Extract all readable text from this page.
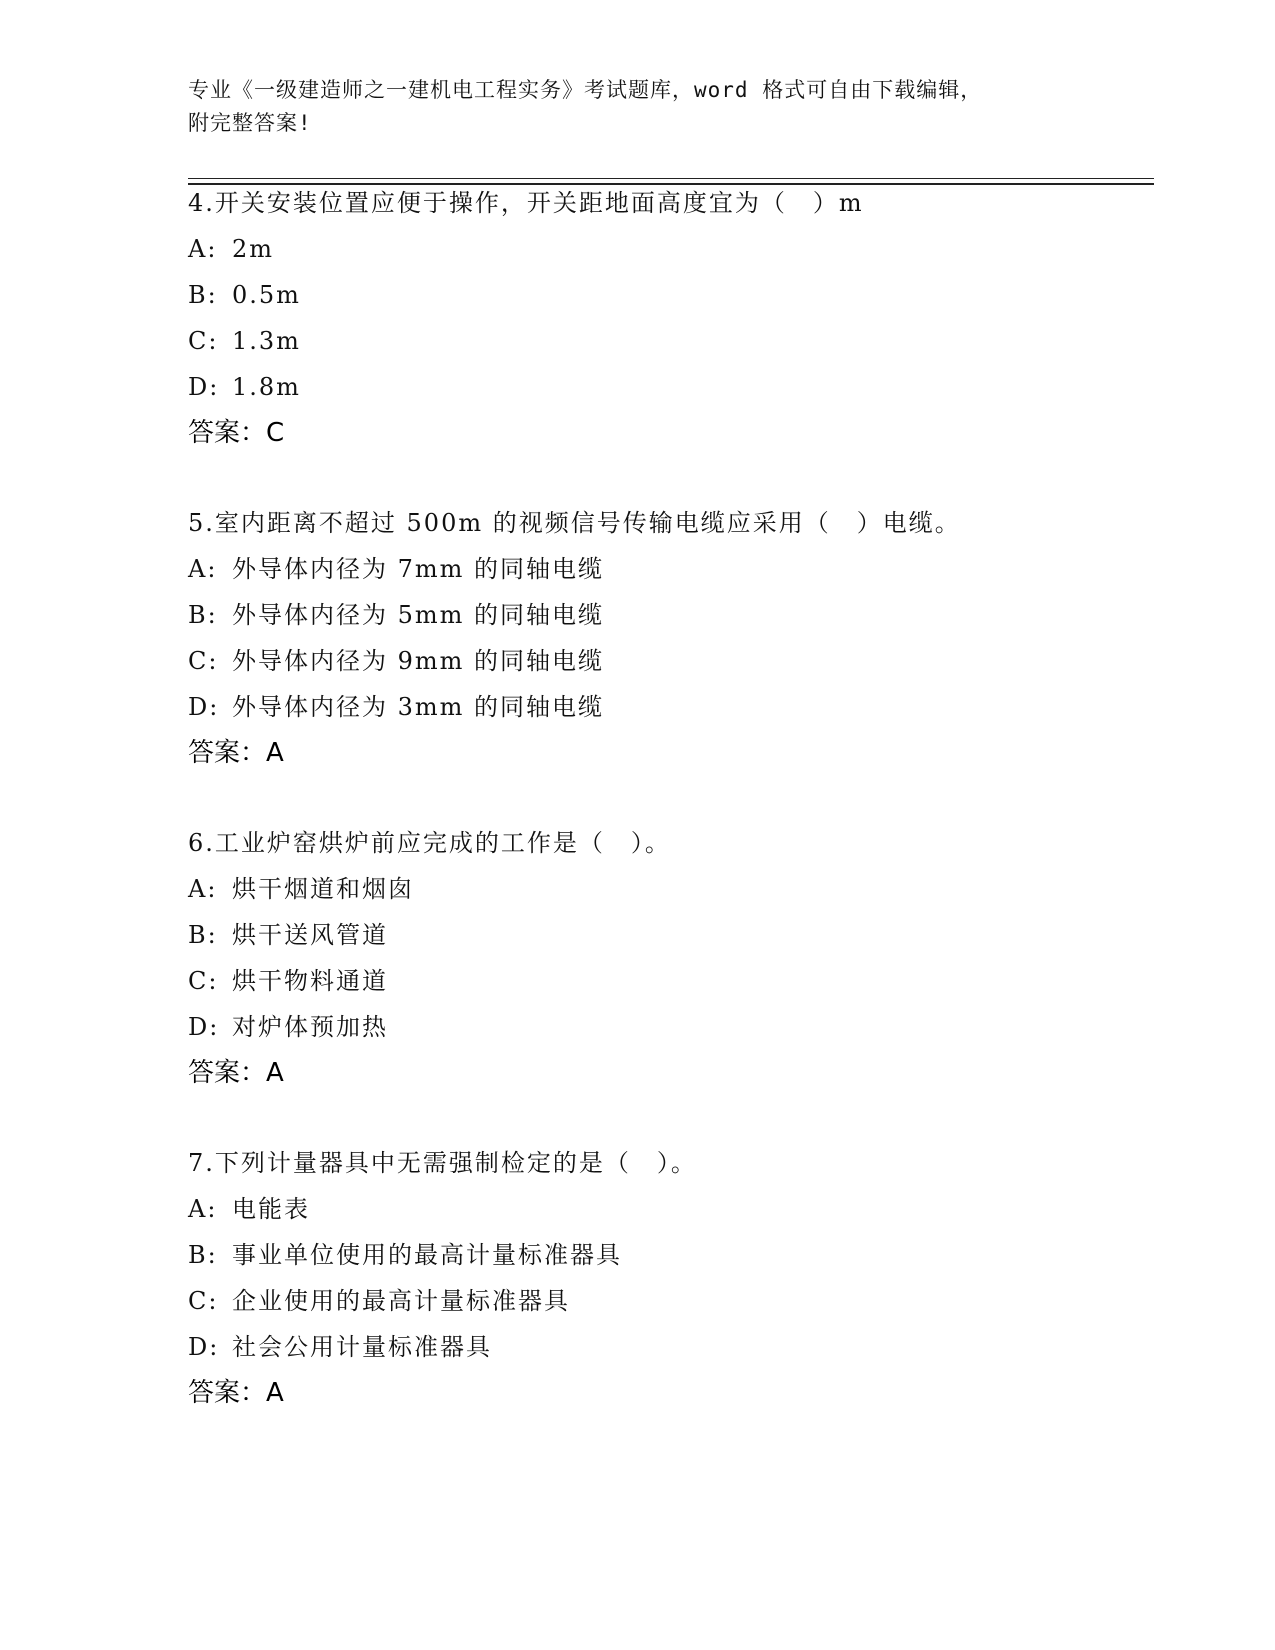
专业《一级建造师之一建机电工程实务》考试题库，word 格式可自由下载编辑，
附完整答案!
4.开关安装位置应便于操作，开关距地面高度宜为（　）m
A: 2m
B: 0.5m
C: 1.3m
D: 1.8m
答案：C
5.室内距离不超过 500m 的视频信号传输电缆应采用（　）电缆。
A: 外导体内径为 7mm 的同轴电缆
B: 外导体内径为 5mm 的同轴电缆
C: 外导体内径为 9mm 的同轴电缆
D: 外导体内径为 3mm 的同轴电缆
答案：A
6.工业炉窑烘炉前应完成的工作是（　）。
A: 烘干烟道和烟囱
B: 烘干送风管道
C: 烘干物料通道
D: 对炉体预加热
答案：A
7.下列计量器具中无需强制检定的是（　）。
A: 电能表
B: 事业单位使用的最高计量标准器具
C: 企业使用的最高计量标准器具
D: 社会公用计量标准器具
答案：A
